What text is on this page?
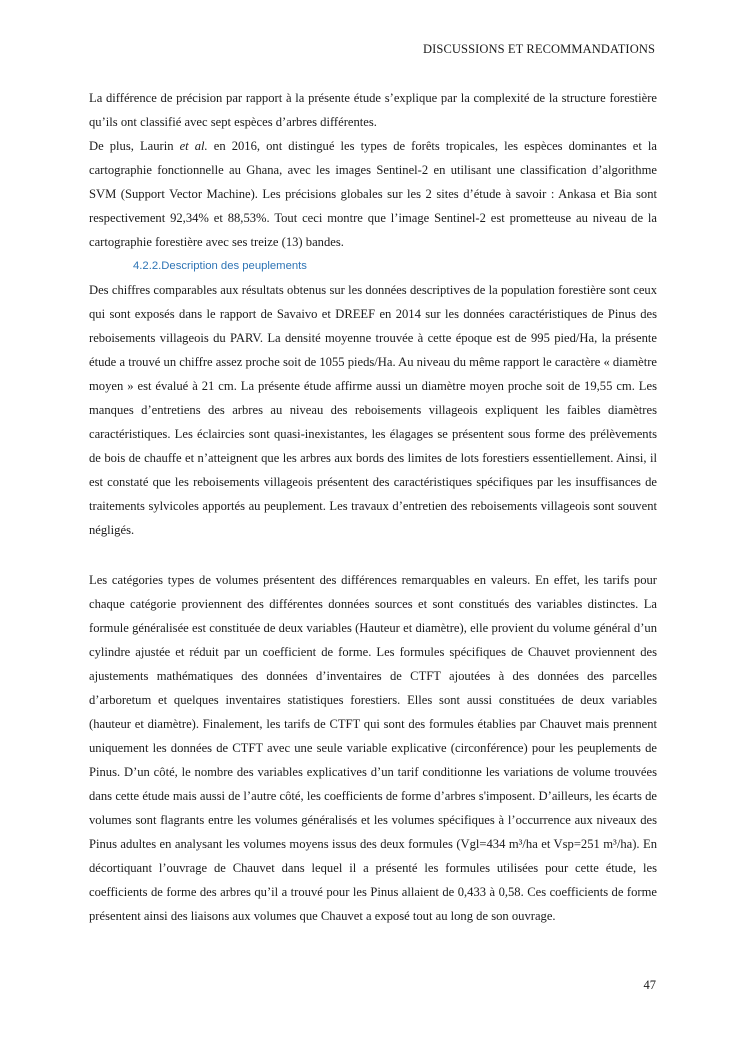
DISCUSSIONS ET RECOMMANDATIONS

La différence de précision par rapport à la présente étude s’explique par la complexité de la structure forestière qu’ils ont classifié avec sept espèces d’arbres différentes.

De plus, Laurin et al. en 2016, ont distingué les types de forêts tropicales, les espèces dominantes et la cartographie fonctionnelle au Ghana, avec les images Sentinel-2 en utilisant une classification d’algorithme SVM (Support Vector Machine). Les précisions globales sur les 2 sites d’étude à savoir : Ankasa et Bia sont respectivement 92,34% et 88,53%. Tout ceci montre que l’image Sentinel-2 est prometteuse au niveau de la cartographie forestière avec ses treize (13) bandes.

4.2.2.Description des peuplements

Des chiffres comparables aux résultats obtenus sur les données descriptives de la population forestière sont ceux qui sont exposés dans le rapport de Savaivo et DREEF en 2014 sur les données caractéristiques de Pinus des reboisements villageois du PARV. La densité moyenne trouvée à cette époque est de 995 pied/Ha, la présente étude a trouvé un chiffre assez proche soit de 1055 pieds/Ha. Au niveau du même rapport le caractère « diamètre moyen » est évalué à 21 cm. La présente étude affirme aussi un diamètre moyen proche soit de 19,55 cm. Les manques d’entretiens des arbres au niveau des reboisements villageois expliquent les faibles diamètres caractéristiques. Les éclaircies sont quasi-inexistantes, les élagages se présentent sous forme des prélèvements de bois de chauffe et n’atteignent que les arbres aux bords des limites de lots forestiers essentiellement. Ainsi, il est constaté que les reboisements villageois présentent des caractéristiques spécifiques par les insuffisances de traitements sylvicoles apportés au peuplement. Les travaux d’entretien des reboisements villageois sont souvent négligés.

Les catégories types de volumes présentent des différences remarquables en valeurs. En effet, les tarifs pour chaque catégorie proviennent des différentes données sources et sont constitués des variables distinctes. La formule généralisée est constituée de deux variables (Hauteur et diamètre), elle provient du volume général d’un cylindre ajustée et réduit par un coefficient de forme. Les formules spécifiques de Chauvet proviennent des ajustements mathématiques des données d’inventaires de CTFT ajoutées à des données des parcelles d’arboretum et quelques inventaires statistiques forestiers. Elles sont aussi constituées de deux variables (hauteur et diamètre). Finalement, les tarifs de CTFT qui sont des formules établies par Chauvet mais prennent uniquement les données de CTFT avec une seule variable explicative (circonférence) pour les peuplements de Pinus. D’un côté, le nombre des variables explicatives d’un tarif conditionne les variations de volume trouvées dans cette étude mais aussi de l’autre côté, les coefficients de forme d’arbres s'imposent. D’ailleurs, les écarts de volumes sont flagrants entre les volumes généralisés et les volumes spécifiques à l’occurrence aux niveaux des Pinus adultes en analysant les volumes moyens issus des deux formules (Vgl=434 m³/ha et Vsp=251 m³/ha). En décortiquant l’ouvrage de Chauvet dans lequel il a présenté les formules utilisées pour cette étude, les coefficients de forme des arbres qu’il a trouvé pour les Pinus allaient de 0,433 à 0,58. Ces coefficients de forme présentent ainsi des liaisons aux volumes que Chauvet a exposé tout au long de son ouvrage.

47
